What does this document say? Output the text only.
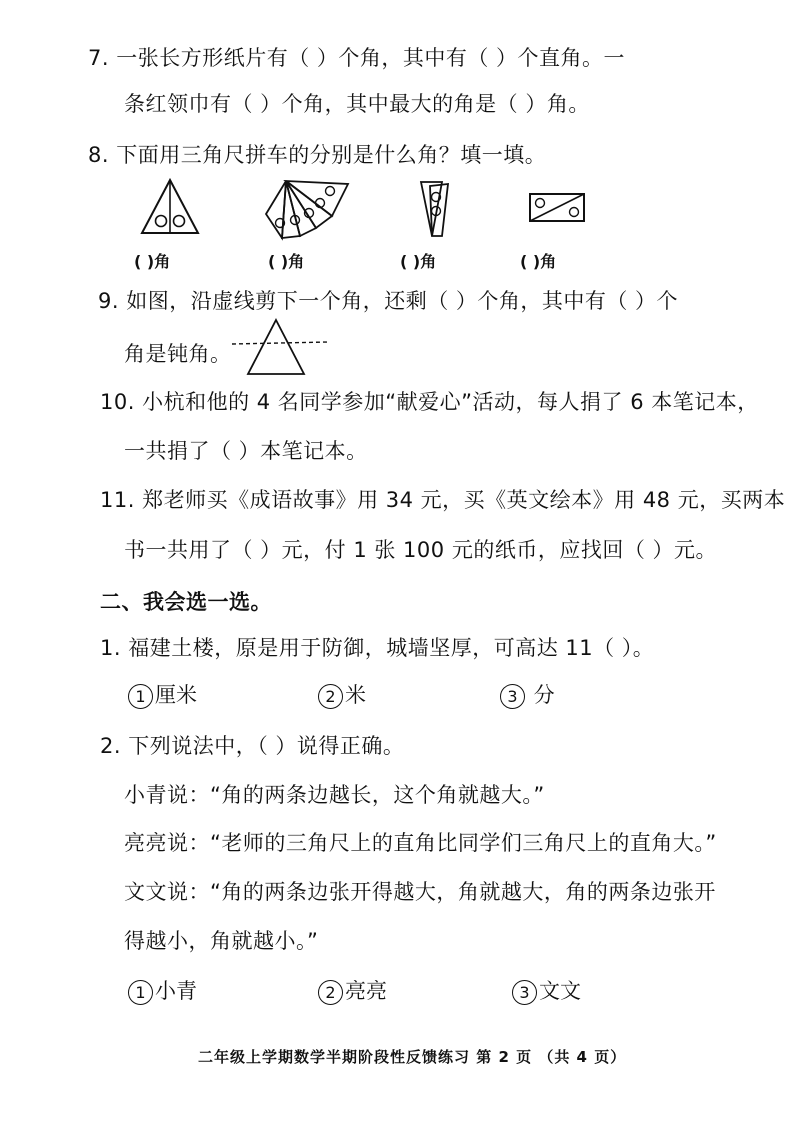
7. 一张长方形纸片有（ ）个角，其中有（ ）个直角。一
条红领巾有（ ）个角，其中最大的角是（ ）角。
8. 下面用三角尺拼车的分别是什么角？填一填。
( )角	( )角	( )角	( )角
9. 如图，沿虚线剪下一个角，还剩（ ）个角，其中有（ ）个
角是钝角。
10. 小杭和他的 4 名同学参加“献爱心”活动，每人捐了 6 本笔记本，
一共捐了（ ）本笔记本。
11. 郑老师买《成语故事》用 34 元，买《英文绘本》用 48 元，买两本
书一共用了（ ）元，付 1 张 100 元的纸币，应找回（ ）元。
二、我会选一选。
1. 福建土楼，原是用于防御，城墙坚厚，可高达 11（ ）。
1 厘米	2 米	3 分
2. 下列说法中，（ ）说得正确。
小青说：“角的两条边越长，这个角就越大。”
亮亮说：“老师的三角尺上的直角比同学们三角尺上的直角大。”
文文说：“角的两条边张开得越大，角就越大，角的两条边张开
得越小，角就越小。”
1 小青	2 亮亮	3 文文
二年级上学期数学半期阶段性反馈练习 第 2 页 （共 4 页）
